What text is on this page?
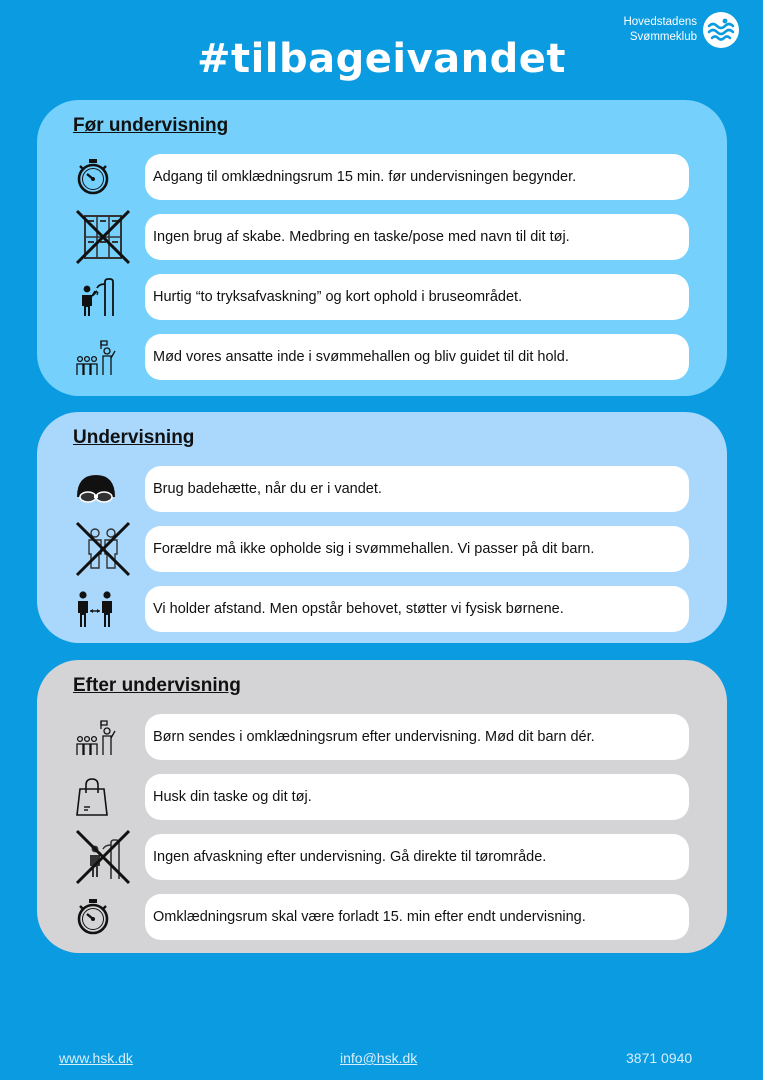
Hovedstadens
Svømmeklub
#tilbageivandet
Før undervisning
Adgang til omklædningsrum 15 min. før undervisningen begynder.
Ingen brug af skabe. Medbring en taske/pose med navn til dit tøj.
Hurtig “to tryksafvaskning” og kort ophold i bruseområdet.
Mød vores ansatte inde i svømmehallen og bliv guidet til dit hold.
Undervisning
Brug badehætte, når du er i vandet.
Forældre må ikke opholde sig i svømmehallen. Vi passer på dit barn.
Vi holder afstand. Men opstår behovet, støtter vi fysisk børnene.
Efter undervisning
Børn sendes i omklædningsrum efter undervisning. Mød dit barn dér.
Husk din taske og dit tøj.
Ingen afvaskning efter undervisning. Gå direkte til tørområde.
Omklædningsrum skal være forladt 15. min efter endt undervisning.
www.hsk.dk	info@hsk.dk	3871 0940
